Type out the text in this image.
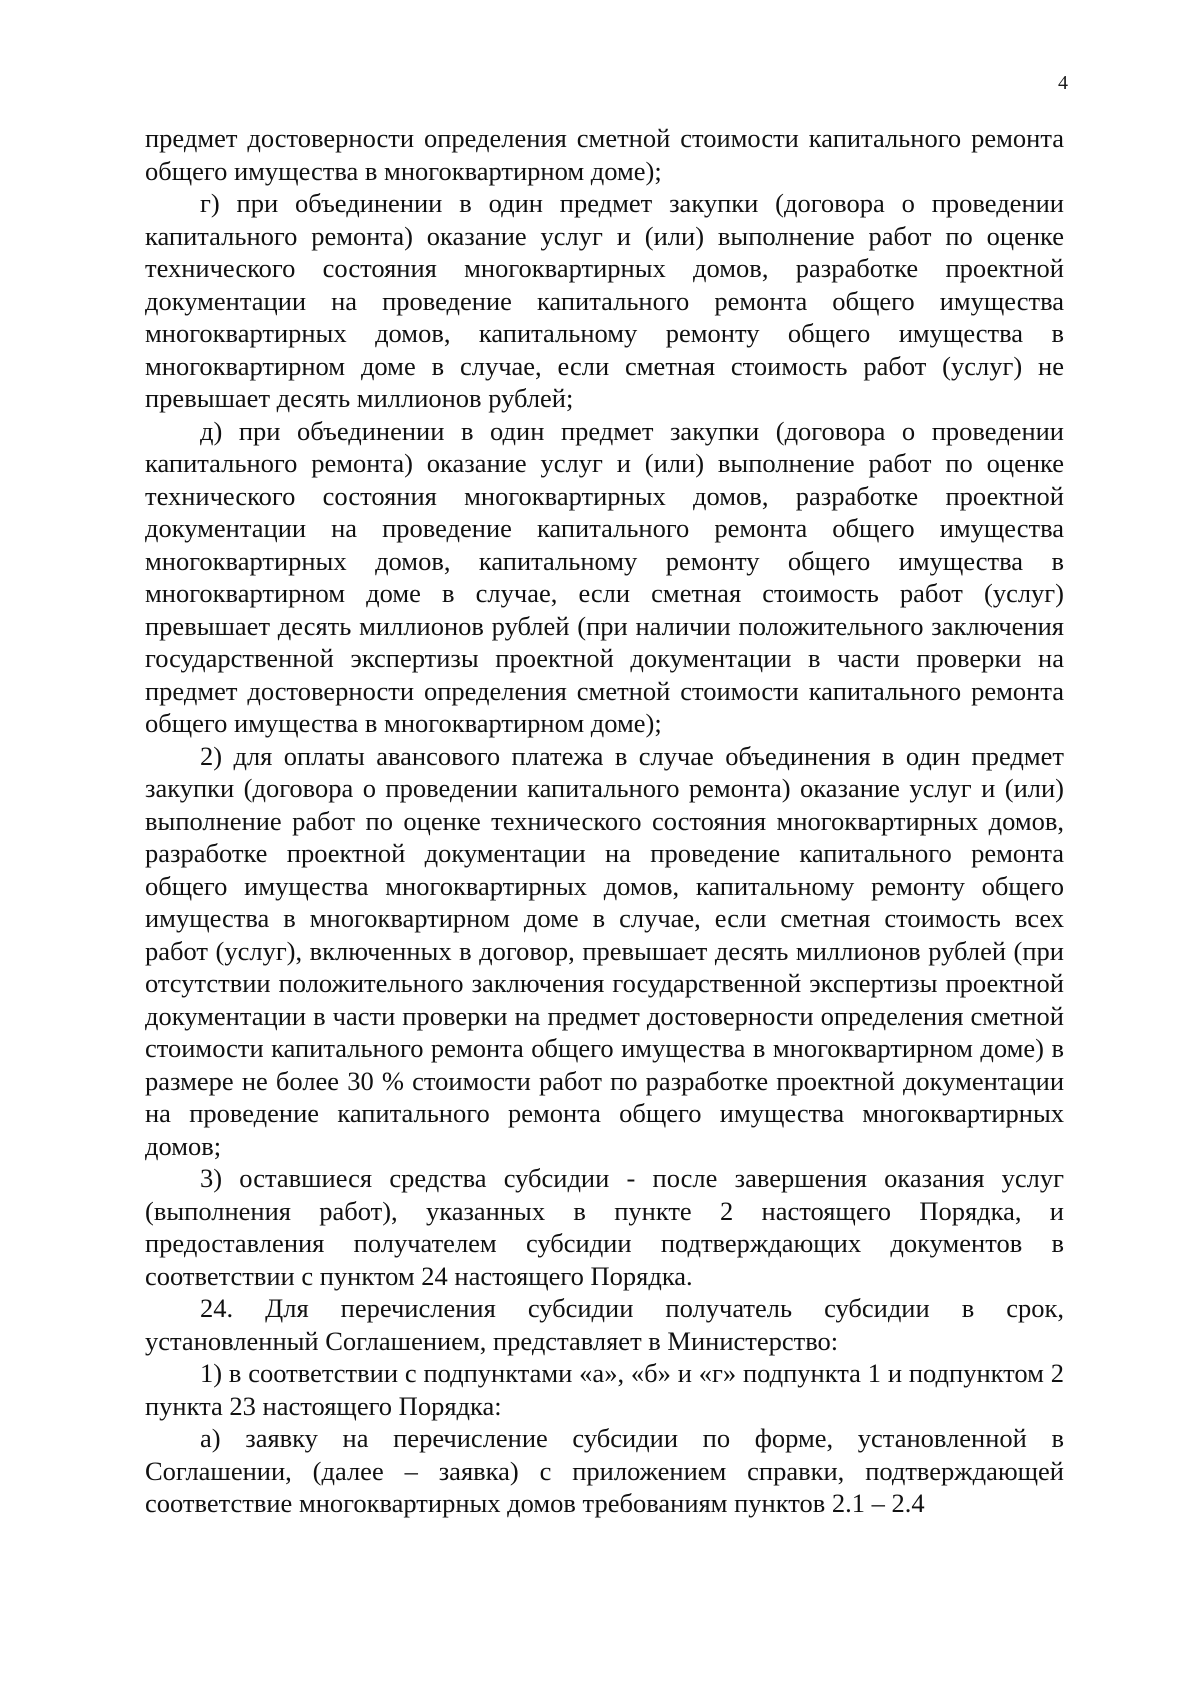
4

предмет достоверности определения сметной стоимости капитального ремонта общего имущества в многоквартирном доме);

г) при объединении в один предмет закупки (договора о проведении капитального ремонта) оказание услуг и (или) выполнение работ по оценке технического состояния многоквартирных домов, разработке проектной документации на проведение капитального ремонта общего имущества многоквартирных домов, капитальному ремонту общего имущества в многоквартирном доме в случае, если сметная стоимость работ (услуг) не превышает десять миллионов рублей;

д) при объединении в один предмет закупки (договора о проведении капитального ремонта) оказание услуг и (или) выполнение работ по оценке технического состояния многоквартирных домов, разработке проектной документации на проведение капитального ремонта общего имущества многоквартирных домов, капитальному ремонту общего имущества в многоквартирном доме в случае, если сметная стоимость работ (услуг) превышает десять миллионов рублей (при наличии положительного заключения государственной экспертизы проектной документации в части проверки на предмет достоверности определения сметной стоимости капитального ремонта общего имущества в многоквартирном доме);

2) для оплаты авансового платежа в случае объединения в один предмет закупки (договора о проведении капитального ремонта) оказание услуг и (или) выполнение работ по оценке технического состояния многоквартирных домов, разработке проектной документации на проведение капитального ремонта общего имущества многоквартирных домов, капитальному ремонту общего имущества в многоквартирном доме в случае, если сметная стоимость всех работ (услуг), включенных в договор, превышает десять миллионов рублей (при отсутствии положительного заключения государственной экспертизы проектной документации в части проверки на предмет достоверности определения сметной стоимости капитального ремонта общего имущества в многоквартирном доме) в размере не более 30 % стоимости работ по разработке проектной документации на проведение капитального ремонта общего имущества многоквартирных домов;

3) оставшиеся средства субсидии - после завершения оказания услуг (выполнения работ), указанных в пункте 2 настоящего Порядка, и предоставления получателем субсидии подтверждающих документов в соответствии с пунктом 24 настоящего Порядка.

24. Для перечисления субсидии получатель субсидии в срок, установленный Соглашением, представляет в Министерство:

1) в соответствии с подпунктами «а», «б» и «г» подпункта 1 и подпунктом 2 пункта 23 настоящего Порядка:

а) заявку на перечисление субсидии по форме, установленной в Соглашении, (далее – заявка) с приложением справки, подтверждающей соответствие многоквартирных домов требованиям пунктов 2.1 – 2.4
